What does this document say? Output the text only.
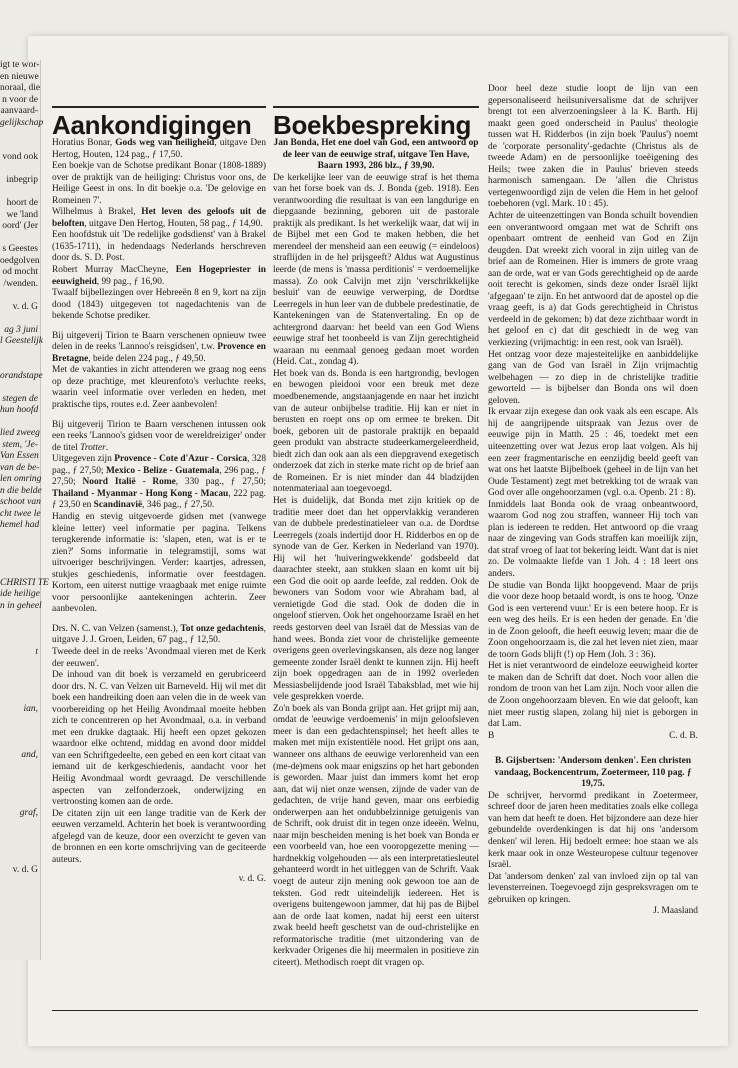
igt te wor-
en nieuwe
noraal, die
n voor de
aanvaard-
gelijkschap

vond ook

inbegrip

hoort de
we 'land
oord' (Jer

s Geestes
oedgolven
od mocht
/wenden.

v. d. G

ag 3 juni
l Geestelijk

orandstape

stegen de
hun hoofd

lied zweeg
stem, 'Je-
Van Essen
van de be-
len omring
n die belde
schoot van
cht twee le
hemel had

CHRISTI TE
ide heilige
n in geheel

t

ian,

and,

graf,

v. d. G
Aankondigingen Boekbespreking

Horatius Bonar, Gods weg van heiligheid, uitgave Den Hertog, Houten, 124 pag., ƒ 17,50.

Een boekje van de Schotse predikant Bonar (1808-1889) over de praktijk van de heiliging: Christus voor ons, de Heilige Geest in ons. In dit boekje o.a. 'De gelovige en Romeinen 7'.

Wilhelmus à Brakel, Het leven des geloofs uit de beloften, uitgave Den Hertog, Houten, 58 pag., ƒ 14,90.

Een hoofdstuk uit 'De redelijke godsdienst' van à Brakel (1635-1711), in hedendaags Nederlands herschreven door ds. S. D. Post.

Robert Murray MacCheyne, Een Hogepriester in eeuwigheid, 99 pag., ƒ 16,90.

Twaalf bijbellezingen over Hebreeën 8 en 9, kort na zijn dood (1843) uitgegeven tot nagedachtenis van de bekende Schotse prediker.

Bij uitgeverij Tirion te Baarn verschenen opnieuw twee delen in de reeks 'Lannoo's reisgidsen', t.w. Provence en Bretagne, beide delen 224 pag., ƒ 49,50.

Met de vakanties in zicht attenderen we graag nog eens op deze prachtige, met kleurenfoto's verluchte reeks, waarin veel informatie over verleden en heden, met praktische tips, routes e.d. Zeer aanbevolen!

Bij uitgeverij Tirion te Baarn verschenen intussen ook een reeks 'Lannoo's gidsen voor de wereldreiziger' onder de titel Trotter.

Uitgegeven zijn Provence - Cote d'Azur - Corsica, 328 pag., ƒ 27,50; Mexico - Belize - Guatemala, 296 pag., ƒ 27,50; Noord Italië - Rome, 330 pag., ƒ 27,50; Thailand - Myanmar - Hong Kong - Macau, 222 pag. ƒ 23,50 en Scandinavië, 346 pag., ƒ 27,50.

Handig en stevig uitgevoerde gidsen met (vanwege kleine letter) veel informatie per pagina. Telkens terugkerende informatie is: 'slapen, eten, wat is er te zien?' Soms informatie in telegramstijl, soms wat uitvoeriger beschrijvingen. Verder: kaartjes, adressen, stukjes geschiedenis, informatie over feestdagen. Kortom, een uiterst nuttige vraagbaak met enige ruimte voor persoonlijke aantekeningen achterin. Zeer aanbevolen.

Drs. N. C. van Velzen (samenst.), Tot onze gedachtenis, uitgave J. J. Groen, Leiden, 67 pag., ƒ 12,50.

Tweede deel in de reeks 'Avondmaal vieren met de Kerk der eeuwen'.

De inhoud van dit boek is verzameld en gerubriceerd door drs. N. C. van Velzen uit Barneveld. Hij wil met dit boek een handreiking doen aan velen die in de week van voorbereiding op het Heilig Avondmaal moeite hebben zich te concentreren op het Avondmaal, o.a. in verband met een drukke dagtaak. Hij heeft een opzet gekozen waardoor elke ochtend, middag en avond door middel van een Schriftgedeelte, een gebed en een kort citaat van iemand uit de kerkgeschiedenis, aandacht voor het Heilig Avondmaal wordt gevraagd. De verschillende aspecten van zelfonderzoek, onderwijzing en vertroosting komen aan de orde.

De citaten zijn uit een lange traditie van de Kerk der eeuwen verzameld. Achterin het boek is verantwoording afgelegd van de keuze, door een overzicht te geven van de bronnen en een korte omschrijving van de geciteerde auteurs.

v. d. G.

Jan Bonda, Het ene doel van God, een antwoord op de leer van de eeuwige straf, uitgave Ten Have, Baarn 1993, 286 blz., ƒ 39,90.

De kerkelijke leer van de eeuwige straf is het thema van het forse boek van ds. J. Bonda (geb. 1918). Een verantwoording die resultaat is van een langdurige en diepgaande bezinning, geboren uit de pastorale praktijk als predikant. Is het werkelijk waar, dat wij in de Bijbel met een God te maken hebben, die het merendeel der mensheid aan een eeuwig (= eindeloos) straflijden in de hel prijsgeeft? Aldus wat Augustinus leerde (de mens is 'massa perditionis' = verdoemelijke massa). Zo ook Calvijn met zijn 'verschrikkelijke besluit' van de eeuwige verwerping, de Dordtse Leerregels in hun leer van de dubbele predestinatie, de Kantekeningen van de Statenvertaling. En op de achtergrond daarvan: het beeld van een God Wiens eeuwige straf het toonbeeld is van Zijn gerechtigheid waaraan nu eenmaal genoeg gedaan moet worden (Heid. Cat., zondag 4).

Het boek van ds. Bonda is een hartgrondig, bevlogen en bewogen pleidooi voor een breuk met deze moedbenemende, angstaanjagende en naar het inzicht van de auteur onbijbelse traditie. Hij kan er niet in berusten en roept ons op om ermee te breken. Dit boek, geboren uit de pastorale praktijk en bepaald geen produkt van abstracte studeerkamergeleerdheid, biedt zich dan ook aan als een diepgravend exegetisch onderzoek dat zich in sterke mate richt op de brief aan de Romeinen. Er is niet minder dan 44 bladzijden notenmateriaal aan toegevoegd.

Het is duidelijk, dat Bonda met zijn kritiek op de traditie meer doet dan het oppervlakkig veranderen van de dubbele predestinatieleer van o.a. de Dordtse Leerregels (zoals indertijd door H. Ridderbos en op de synode van de Ger. Kerken in Nederland van 1970). Hij wil het 'huiveringwekkende' godsbeeld dat daarachter steekt, aan stukken slaan en komt uit bij een God die ooit op aarde leefde, zal redden. Ook de bewoners van Sodom voor wie Abraham bad, al vernietigde God die stad. Ook de doden die in ongeloof stierven. Ook het ongehoorzame Israël en het reeds gestorven deel van Israël dat de Messias van de hand wees. Bonda ziet voor de christelijke gemeente overigens geen overlevingskansen, als deze nog langer gemeente zonder Israël denkt te kunnen zijn. Hij heeft zijn boek opgedragen aan de in 1992 overleden Messiasbelijdende jood Israël Tabaksblad, met wie hij vele gesprekken voerde.

Zo'n boek als van Bonda grijpt aan. Het grijpt mij aan, omdat de 'eeuwige verdoemenis' in mijn geloofsleven meer is dan een gedachtenspinsel; het heeft alles te maken met mijn existentiële nood. Het grijpt ons aan, wanneer ons althans de eeuwige verlorenheid van een (me-de)mens ook maar enigszins op het hart gebonden is geworden. Maar juist dan immers komt het erop aan, dat wij niet onze wensen, zijnde de vader van de gedachten, de vrije hand geven, maar ons eerbiedig onderwerpen aan het ondubbelzinnige getuigenis van de Schrift, ook druist dit in tegen onze ideeën. Welnu, naar mijn bescheiden mening is het boek van Bonda er een voorbeeld van, hoe een vooropgezette mening — hardnekkig volgehouden — als een interpretatiesleutel gehanteerd wordt in het uitleggen van de Schrift. Vaak voegt de auteur zijn mening ook gewoon toe aan de teksten. God redt uiteindelijk iedereen. Het is overigens buitengewoon jammer, dat hij pas de Bijbel aan de orde laat komen, nadat hij eerst een uiterst zwak beeld heeft geschetst van de oud-christelijke en reformatorische traditie (met uitzondering van de kerkvader Origenes die hij meermalen in positieve zin citeert). Methodisch roept dit vragen op.

Door heel deze studie loopt de lijn van een gepersonaliseerd heilsuniversalisme dat de schrijver brengt tot een alverzoeningsleer à la K. Barth. Hij maakt geen goed onderscheid in Paulus' theologie tussen wat H. Ridderbos (in zijn boek 'Paulus') noemt de 'corporate personality'-gedachte (Christus als de tweede Adam) en de persoonlijke toeëigening des Heils; twee zaken die in Paulus' brieven steeds harmonisch samengaan. De 'allen die Christus vertegenwoordigd zijn de velen die Hem in het geloof toebehoren (vgl. Mark. 10 : 45).

Achter de uiteenzettingen van Bonda schuilt bovendien een onverantwoord omgaan met wat de Schrift ons openbaart omtrent de eenheid van God en Zijn deugden. Dat wreekt zich vooral in zijn uitleg van de brief aan de Romeinen. Hier is immers de grote vraag aan de orde, wat er van Gods gerechtigheid op de aarde ooit terecht is gekomen, sinds deze onder Israël lijkt 'afgegaan' te zijn. En het antwoord dat de apostel op die vraag geeft, is a) dat Gods gerechtigheid in Christus verdeeld in de gekomen; b) dat deze zichtbaar wordt in het geloof en c) dat dit geschiedt in de weg van verkiezing (vrijmachtig: in een rest, ook van Israël).

Het ontzag voor deze majesteitelijke en aanbiddelijke gang van de God van Israël in Zijn vrijmachtig welbehagen — zo diep in de christelijke traditie geworteld — is bijbelser dan Bonda ons wil doen geloven.

Ik ervaar zijn exegese dan ook vaak als een escape. Als hij de aangrijpende uitspraak van Jezus over de eeuwige pijn in Matth. 25 : 46, toedekt met een uiteenzetting over wat Jezus erop laat volgen. Als hij een zeer fragmentarische en eenzijdig beeld geeft van wat ons het laatste Bijbelboek (geheel in de lijn van het Oude Testament) zegt met betrekking tot de wraak van God over alle ongehoorzamen (vgl. o.a. Openb. 21 : 8).

Inmiddels laat Bonda ook de vraag onbeantwoord, waarom God nog zou straffen, wanneer Hij toch van plan is iedereen te redden. Het antwoord op die vraag naar de zingeving van Gods straffen kan moeilijk zijn, dat straf vroeg of laat tot bekering leidt. Want dat is niet zo. De volmaakte liefde van 1 Joh. 4 : 18 leert ons anders.

De studie van Bonda lijkt hoopgevend. Maar de prijs die voor deze hoop betaald wordt, is ons te hoog. 'Onze God is een verterend vuur.' Er is een betere hoop. Er is een weg des heils. Er is een heden der genade. En 'die in de Zoon gelooft, die heeft eeuwig leven; maar die de Zoon ongehoorzaam is, die zal het leven niet zien, maar de toorn Gods blijft (!) op Hem (Joh. 3 : 36).

Het is niet verantwoord de eindeloze eeuwigheid korter te maken dan de Schrift dat doet. Noch voor allen die rondom de troon van het Lam zijn. Noch voor allen die de Zoon ongehoorzaam bleven. En wie dat gelooft, kan niet meer rustig slapen, zolang hij niet is geborgen in dat Lam.

B	C. d. B.

B. Gijsbertsen: 'Andersom denken'. Een christen vandaag, Bockencentrum, Zoetermeer, 110 pag. ƒ 19,75.

De schrijver, hervormd predikant in Zoetermeer, schreef door de jaren heen meditaties zoals elke collega van hem dat heeft te doen. Het bijzondere aan deze hier gebundelde overdenkingen is dat hij ons 'andersom denken' wil leren. Hij bedoelt ermee: hoe staan we als kerk maar ook in onze Westeuropese cultuur tegenover Israël.

Dat 'andersom denken' zal van invloed zijn op tal van levensterreinen. Toegevoegd zijn gespreksvragen om te gebruiken op kringen.

J. Maasland
